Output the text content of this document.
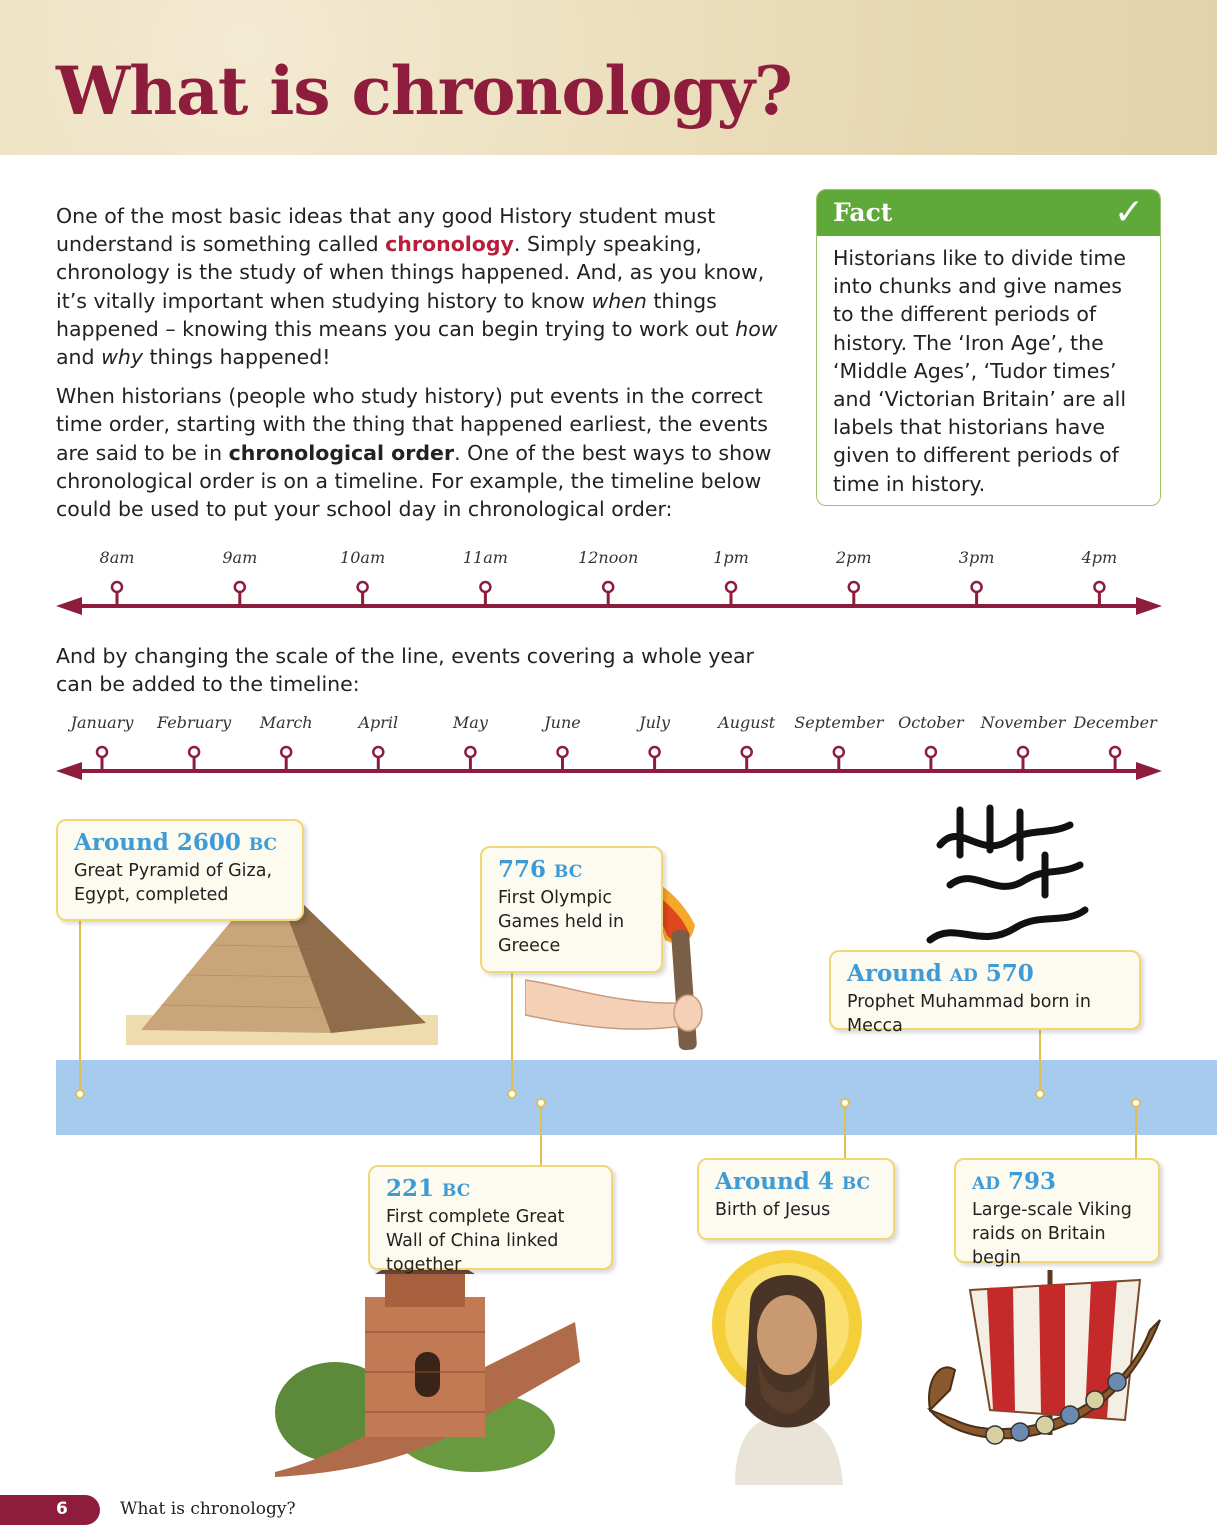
What is chronology?

One of the most basic ideas that any good History student must understand is something called chronology. Simply speaking, chronology is the study of when things happened. And, as you know, it’s vitally important when studying history to know when things happened – knowing this means you can begin trying to work out how and why things happened!

When historians (people who study history) put events in the correct time order, starting with the thing that happened earliest, the events are said to be in chronological order. One of the best ways to show chronological order is on a timeline. For example, the timeline below could be used to put your school day in chronological order:

Fact	✓
Historians like to divide time into chunks and give names to the different periods of history. The ‘Iron Age’, the ‘Middle Ages’, ‘Tudor times’ and ‘Victorian Britain’ are all labels that historians have given to different periods of time in history.
8am	9am	10am	11am	12noon	1pm	2pm	3pm	4pm
And by changing the scale of the line, events covering a whole year can be added to the timeline:
January February March	April	May	June	July	August September October November December
Around 2600 BC
Great Pyramid of Giza, Egypt, completed
776 BC
First Olympic Games held in Greece
Around AD 570
Prophet Muhammad born in Mecca
221 BC
First complete Great Wall of China linked together
Around 4 BC
Birth of Jesus
AD 793
Large-scale Viking raids on Britain begin
6	What is chronology?
